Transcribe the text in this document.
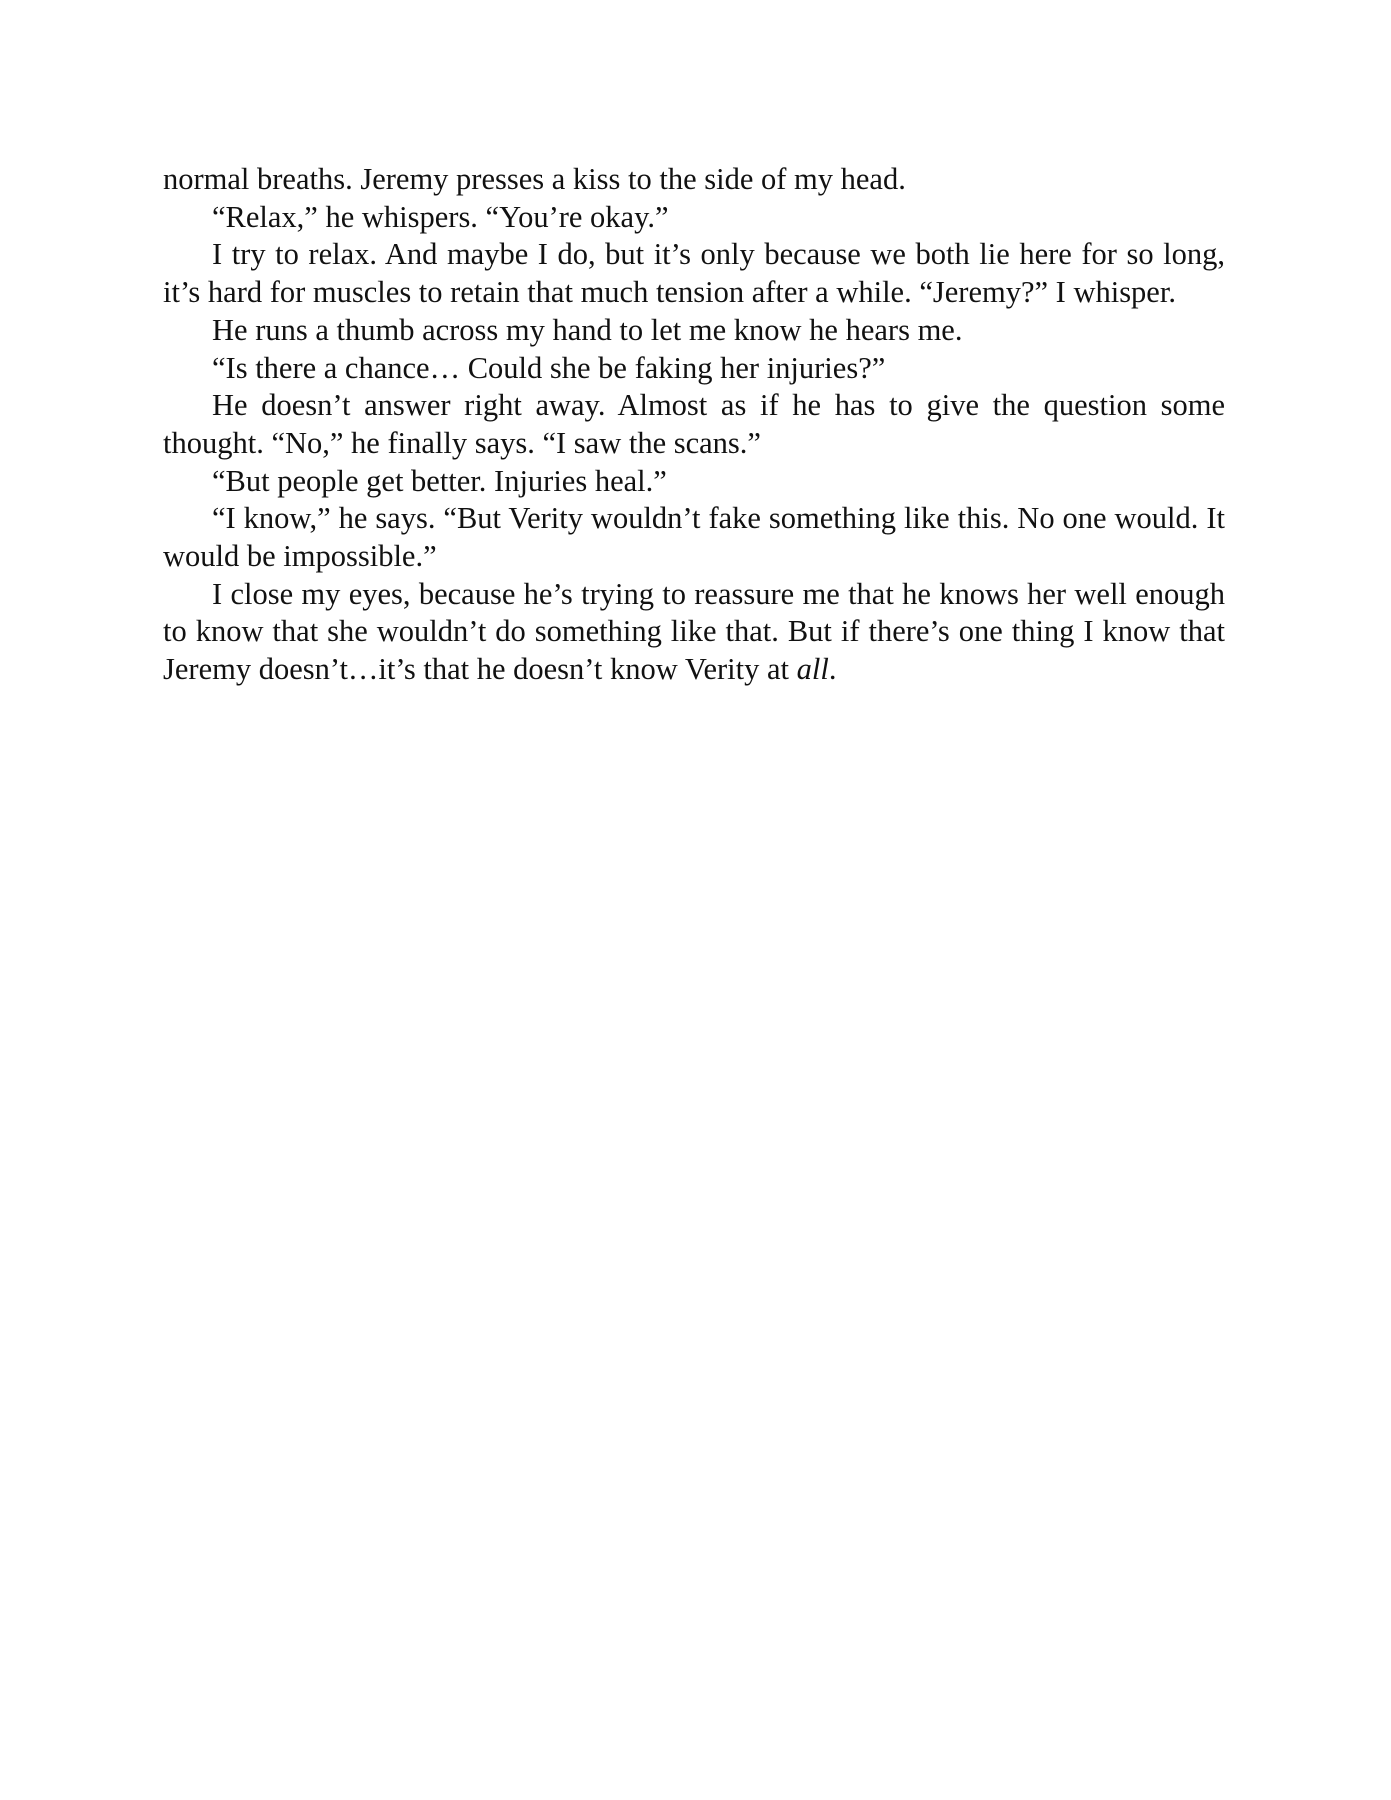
normal breaths. Jeremy presses a kiss to the side of my head.

“Relax,” he whispers. “You’re okay.”

I try to relax. And maybe I do, but it’s only because we both lie here for so long, it’s hard for muscles to retain that much tension after a while. “Jeremy?” I whisper.

He runs a thumb across my hand to let me know he hears me.

“Is there a chance… Could she be faking her injuries?”

He doesn’t answer right away. Almost as if he has to give the question some thought. “No,” he finally says. “I saw the scans.”

“But people get better. Injuries heal.”

“I know,” he says. “But Verity wouldn’t fake something like this. No one would. It would be impossible.”

I close my eyes, because he’s trying to reassure me that he knows her well enough to know that she wouldn’t do something like that. But if there’s one thing I know that Jeremy doesn’t…it’s that he doesn’t know Verity at all.
